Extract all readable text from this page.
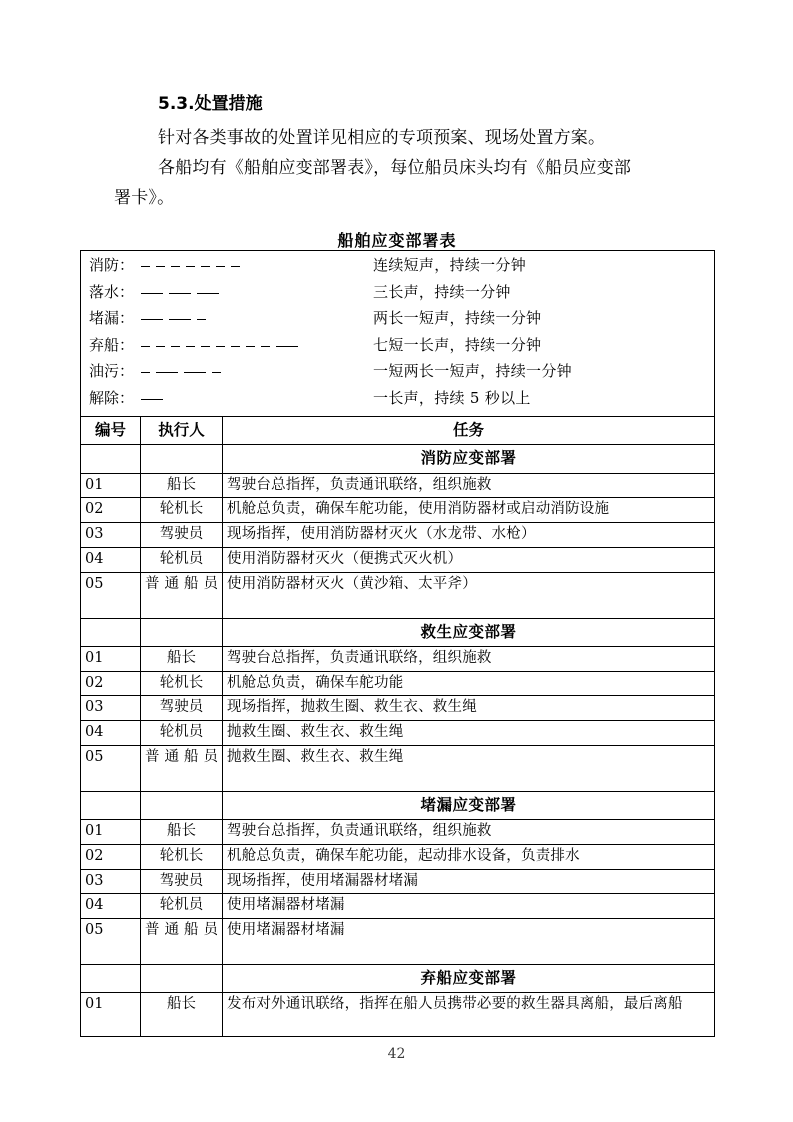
5.3.处置措施

针对各类事故的处置详见相应的专项预案、现场处置方案。

各船均有《船舶应变部署表》，每位船员床头均有《船员应变部
署卡》。

船舶应变部署表
消防：	连续短声，持续一分钟
落水：	三长声，持续一分钟
堵漏：	两长一短声，持续一分钟
弃船：	七短一长声，持续一分钟
油污：	一短两长一短声，持续一分钟
解除：	一长声，持续 5 秒以上

编号	执行人	任务
		消防应变部署
01	船长	驾驶台总指挥，负责通讯联络，组织施救
02	轮机长	机舱总负责，确保车舵功能，使用消防器材或启动消防设施
03	驾驶员	现场指挥，使用消防器材灭火（水龙带、水枪）
04	轮机员	使用消防器材灭火（便携式灭火机）
05	普通船员	使用消防器材灭火（黄沙箱、太平斧）
		救生应变部署
01	船长	驾驶台总指挥，负责通讯联络，组织施救
02	轮机长	机舱总负责，确保车舵功能
03	驾驶员	现场指挥，抛救生圈、救生衣、救生绳
04	轮机员	抛救生圈、救生衣、救生绳
05	普通船员	抛救生圈、救生衣、救生绳
		堵漏应变部署
01	船长	驾驶台总指挥，负责通讯联络，组织施救
02	轮机长	机舱总负责，确保车舵功能，起动排水设备，负责排水
03	驾驶员	现场指挥，使用堵漏器材堵漏
04	轮机员	使用堵漏器材堵漏
05	普通船员	使用堵漏器材堵漏
		弃船应变部署
01	船长	发布对外通讯联络，指挥在船人员携带必要的救生器具离船，最后离船
42
